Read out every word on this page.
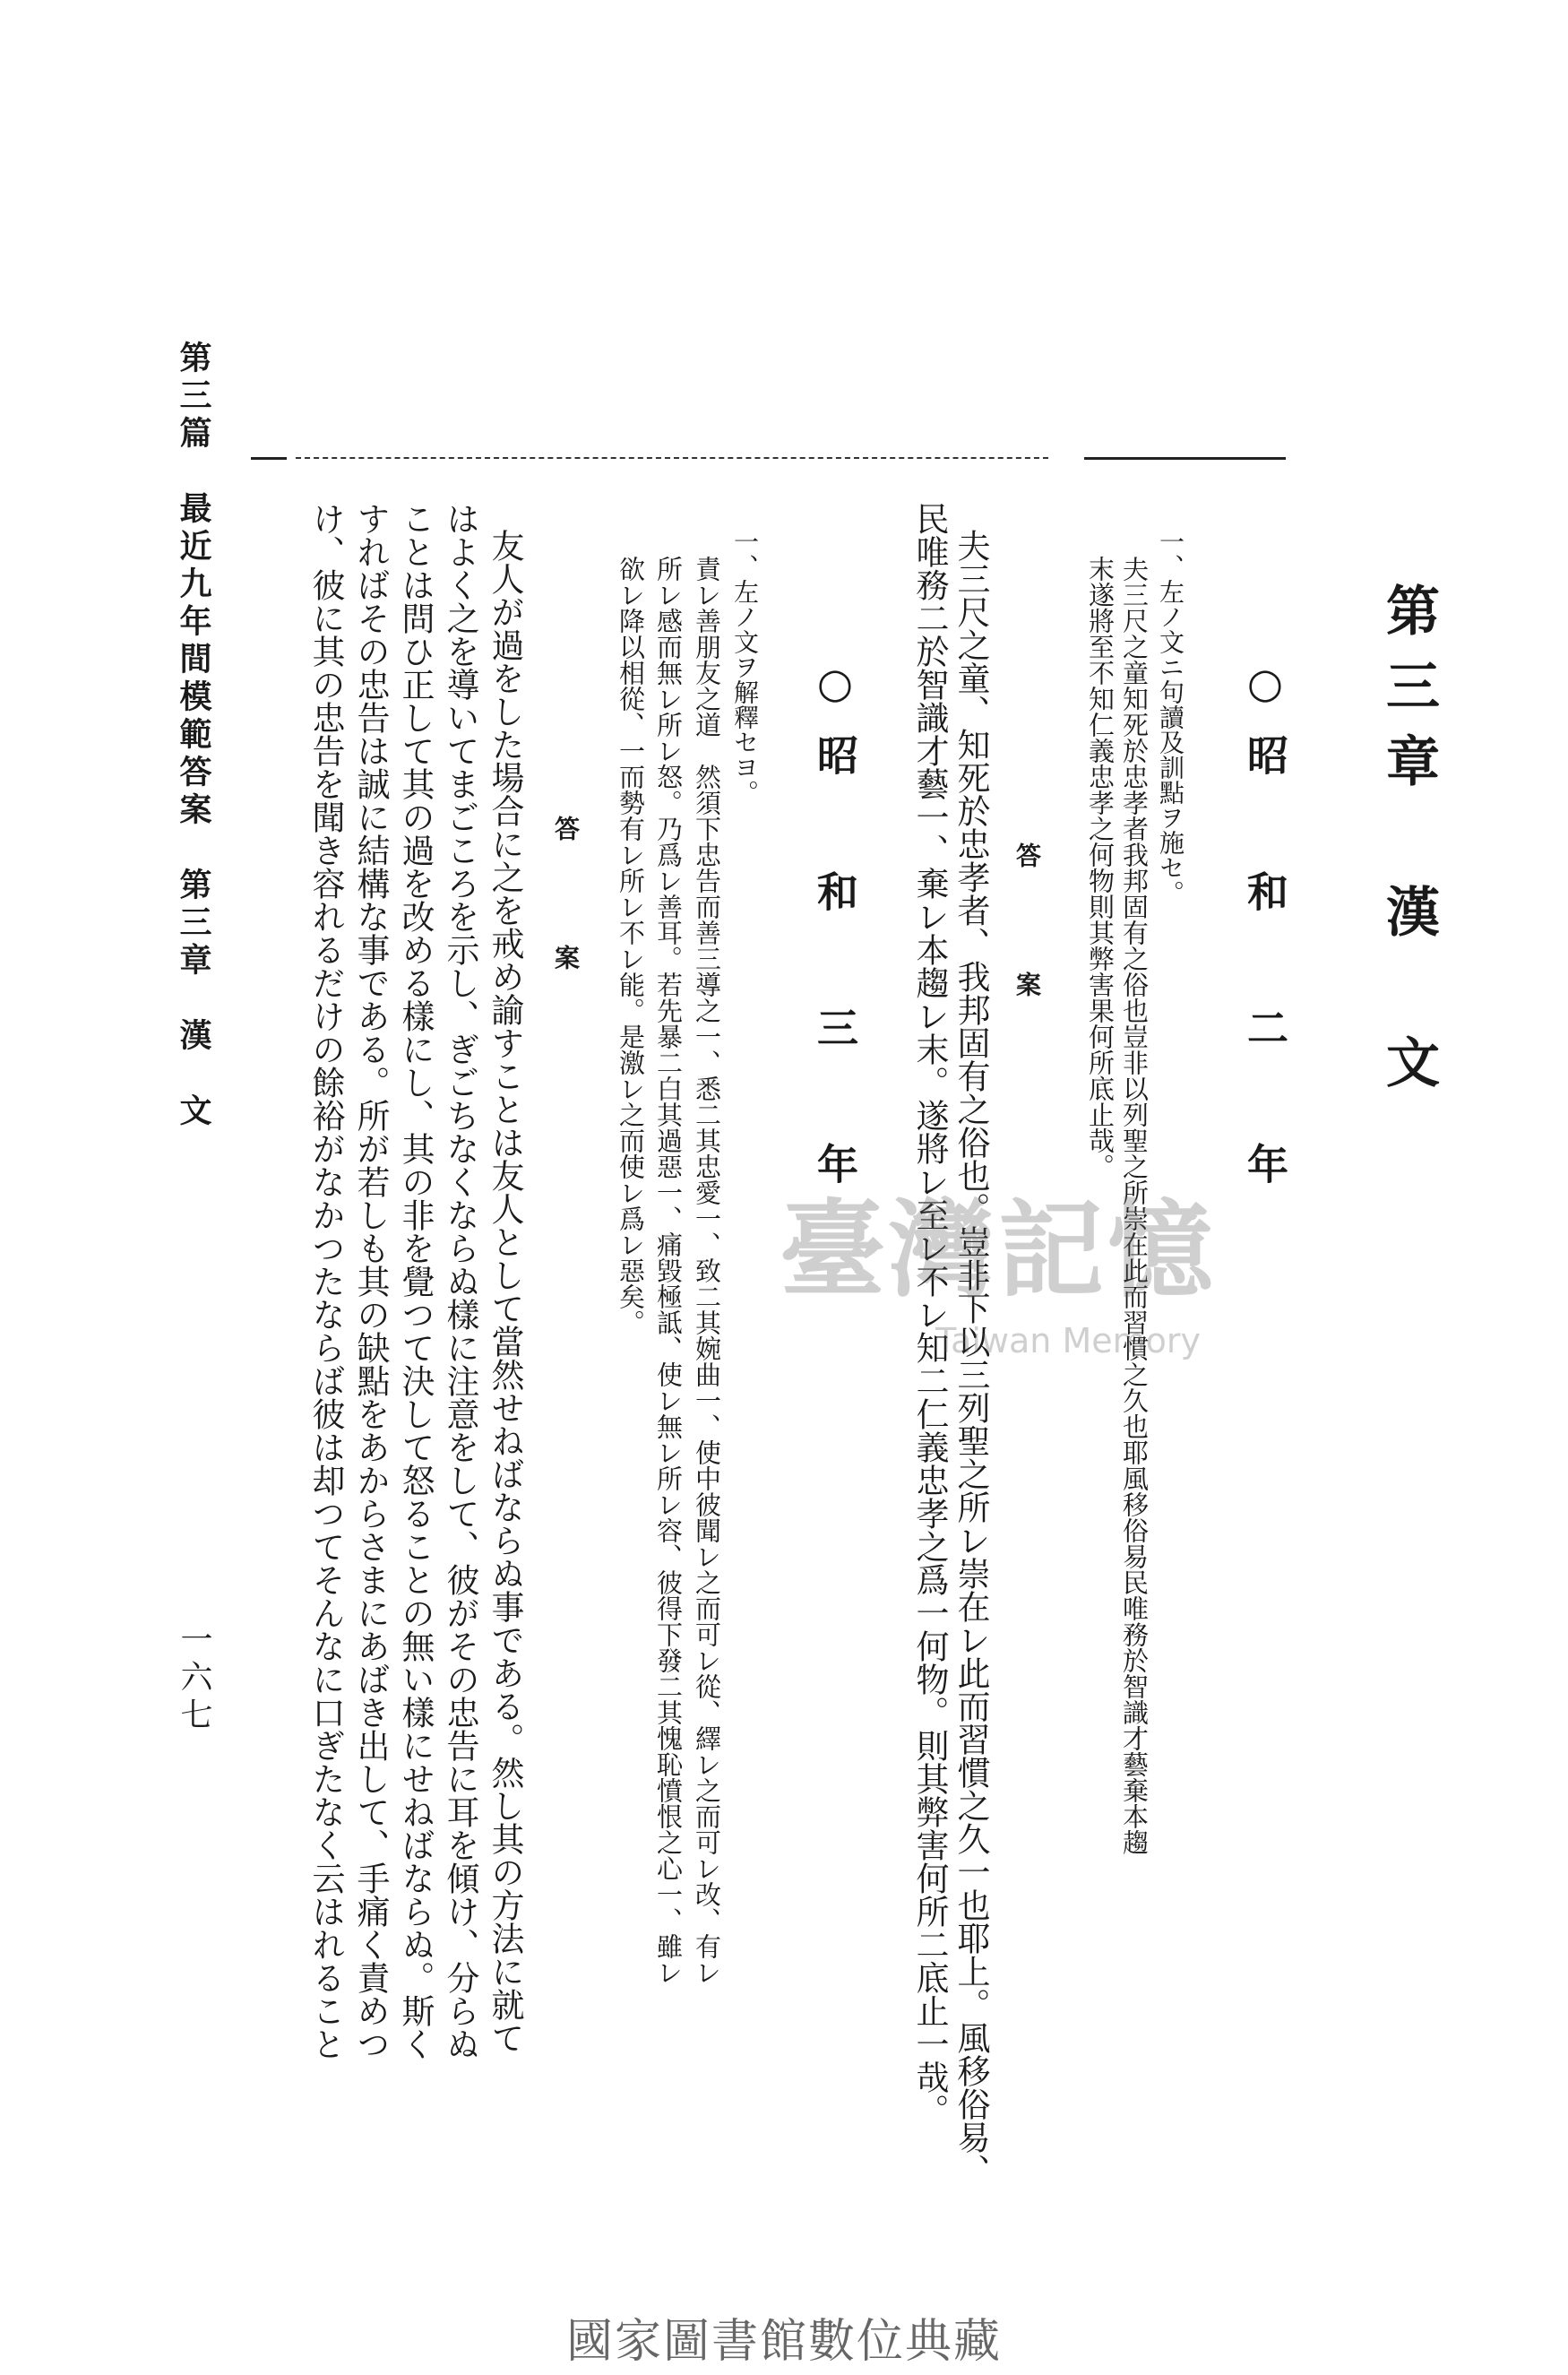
第三章　漢　文
○昭　和　二　年
一、左ノ文ニ句讀及訓點ヲ施セ。
夫三尺之童知死於忠孝者我邦固有之俗也豈非以列聖之所崇在此而習慣之久也耶風移俗易民唯務於智識才藝棄本趨
末遂將至不知仁義忠孝之何物則其弊害果何所底止哉。
答　　案
夫三尺之童、知死於忠孝者、我邦固有之俗也。豈非下以三列聖之所レ崇在レ此而習慣之久一也耶上。風移俗易、
民唯務二於智識才藝一、棄レ本趨レ末。遂將レ至レ不レ知二仁義忠孝之爲一何物。則其弊害何所二底止一哉。
○昭　和　三　年
一、左ノ文ヲ解釋セヨ。
責レ善朋友之道　然須下忠告而善三導之一、悉二其忠愛一、致二其婉曲一、使中彼聞レ之而可レ從、繹レ之而可レ改、有レ
所レ感而無レ所レ怒。乃爲レ善耳。若先暴二白其過惡一、痛毀極詆、使レ無レ所レ容、彼得下發二其愧恥憤恨之心一、雖レ
欲レ降以相從、一而勢有レ所レ不レ能。是激レ之而使レ爲レ惡矣。
答　　案
友人が過をした場合に之を戒め諭すことは友人として當然せねばならぬ事である。然し其の方法に就て
はよく之を導いてまごころを示し、ぎごちなくならぬ樣に注意をして、彼がその忠告に耳を傾け、分らぬ
ことは問ひ正して其の過を改める樣にし、其の非を覺つて決して怒ることの無い樣にせねばならぬ。斯く
すればその忠告は誠に結構な事である。所が若しも其の缺點をあからさまにあばき出して、手痛く責めつ
け、彼に其の忠告を聞き容れるだけの餘裕がなかつたならば彼は却つてそんなに口ぎたなく云はれること
第三篇　最近九年間模範答案　第三章　漢　文
一六七
臺灣記憶
Taiwan Memory
國家圖書館數位典藏
